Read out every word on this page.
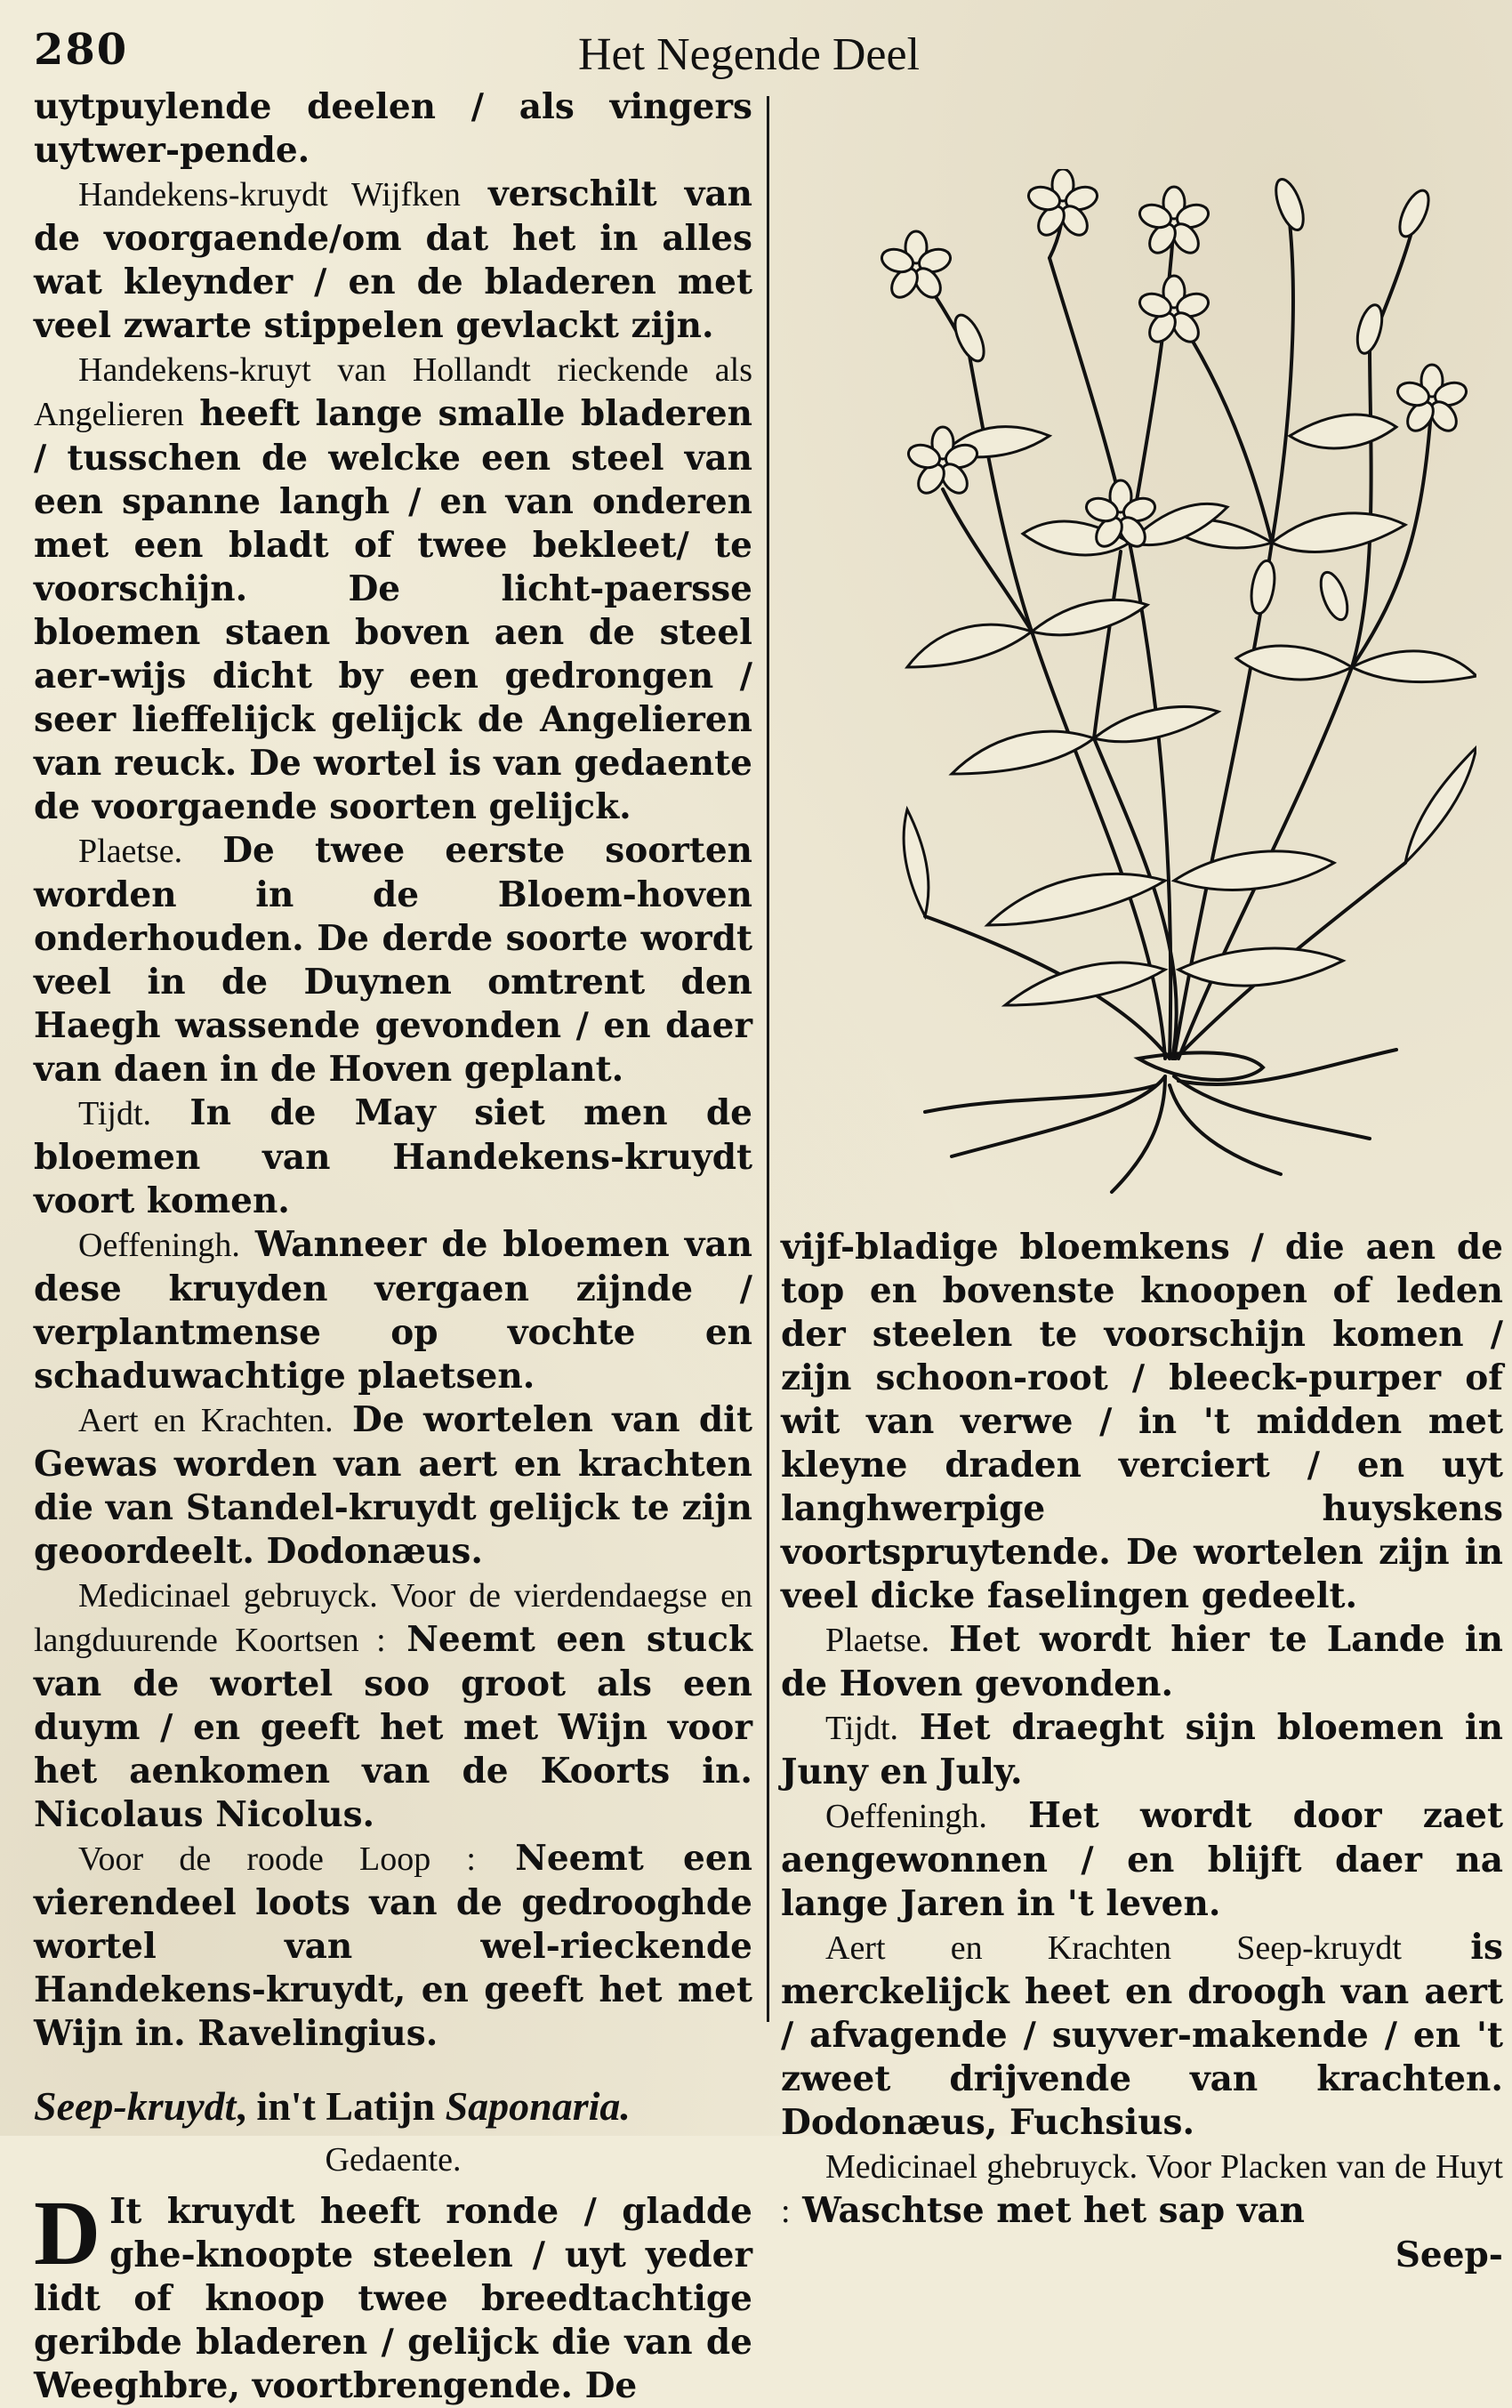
280	Het Negende Deel

uytpuylende deelen / als vingers uytwer-pende.

Handekens-kruydt Wijfken verschilt van de voorgaende/om dat het in alles wat kleynder / en de bladeren met veel zwarte stippelen gevlackt zijn.

Handekens-kruyt van Hollandt rieckende als Angelieren heeft lange smalle bladeren / tusschen de welcke een steel van een spanne langh / en van onderen met een bladt of twee bekleet/ te voorschijn. De licht-paersse bloemen staen boven aen de steel aer-wijs dicht by een gedrongen / seer lieffelijck gelijck de Angelieren van reuck. De wortel is van gedaente de voorgaende soorten gelijck.

Plaetse. De twee eerste soorten worden in de Bloem-hoven onderhouden. De derde soorte wordt veel in de Duynen omtrent den Haegh wassende gevonden / en daer van daen in de Hoven geplant.

Tijdt. In de May siet men de bloemen van Handekens-kruydt voort komen.

Oeffeningh. Wanneer de bloemen van dese kruyden vergaen zijnde / verplantmense op vochte en schaduwachtige plaetsen.

Aert en Krachten. De wortelen van dit Gewas worden van aert en krachten die van Standel-kruydt gelijck te zijn geoordeelt. Dodonæus.

Medicinael gebruyck. Voor de vierdendaegse en langduurende Koortsen : Neemt een stuck van de wortel soo groot als een duym / en geeft het met Wijn voor het aenkomen van de Koorts in. Nicolaus Nicolus.

Voor de roode Loop : Neemt een vierendeel loots van de gedrooghde wortel van wel-rieckende Handekens-kruydt, en geeft het met Wijn in. Ravelingius.

Seep-kruydt, in't Latijn Saponaria.
Gedaente.

D It kruydt heeft ronde / gladde ghe-knoopte steelen / uyt yeder lidt of knoop twee breedtachtige geribde bladeren / gelijck die van de Weeghbre, voortbrengende. De

vijf-bladige bloemkens / die aen de top en bovenste knoopen of leden der steelen te voorschijn komen / zijn schoon-root / bleeck-purper of wit van verwe / in 't midden met kleyne draden verciert / en uyt langhwerpige huyskens voortspruytende. De wortelen zijn in veel dicke faselingen gedeelt.

Plaetse. Het wordt hier te Lande in de Hoven gevonden.

Tijdt. Het draeght sijn bloemen in Juny en July.

Oeffeningh. Het wordt door zaet aengewonnen / en blijft daer na lange Jaren in 't leven.

Aert en Krachten Seep-kruydt is merckelijck heet en droogh van aert / afvagende / suyver-makende / en 't zweet drijvende van krachten. Dodonæus, Fuchsius.

Medicinael ghebruyck. Voor Placken van de Huyt : Waschtse met het sap van

Seep-
